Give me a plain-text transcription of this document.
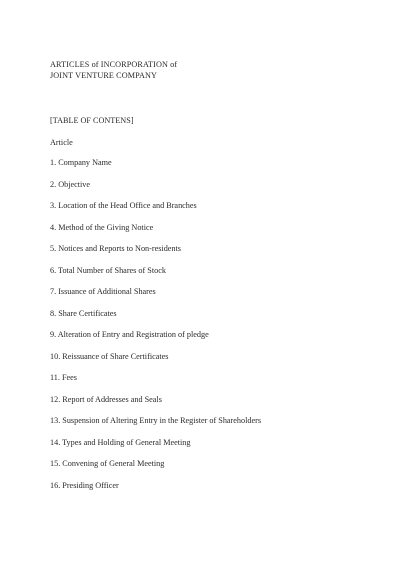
ARTICLES of INCORPORATION of
JOINT VENTURE COMPANY
[TABLE OF CONTENS]
Article
1. Company Name
2. Objective
3. Location of the Head Office and Branches
4. Method of the Giving Notice
5. Notices and Reports to Non-residents
6. Total Number of Shares of Stock
7. Issuance of Additional Shares
8. Share Certificates
9. Alteration of Entry and Registration of pledge
10. Reissuance of Share Certificates
11. Fees
12. Report of Addresses and Seals
13. Suspension of Altering Entry in the Register of Shareholders
14. Types and Holding of General Meeting
15. Convening of General Meeting
16. Presiding Officer
